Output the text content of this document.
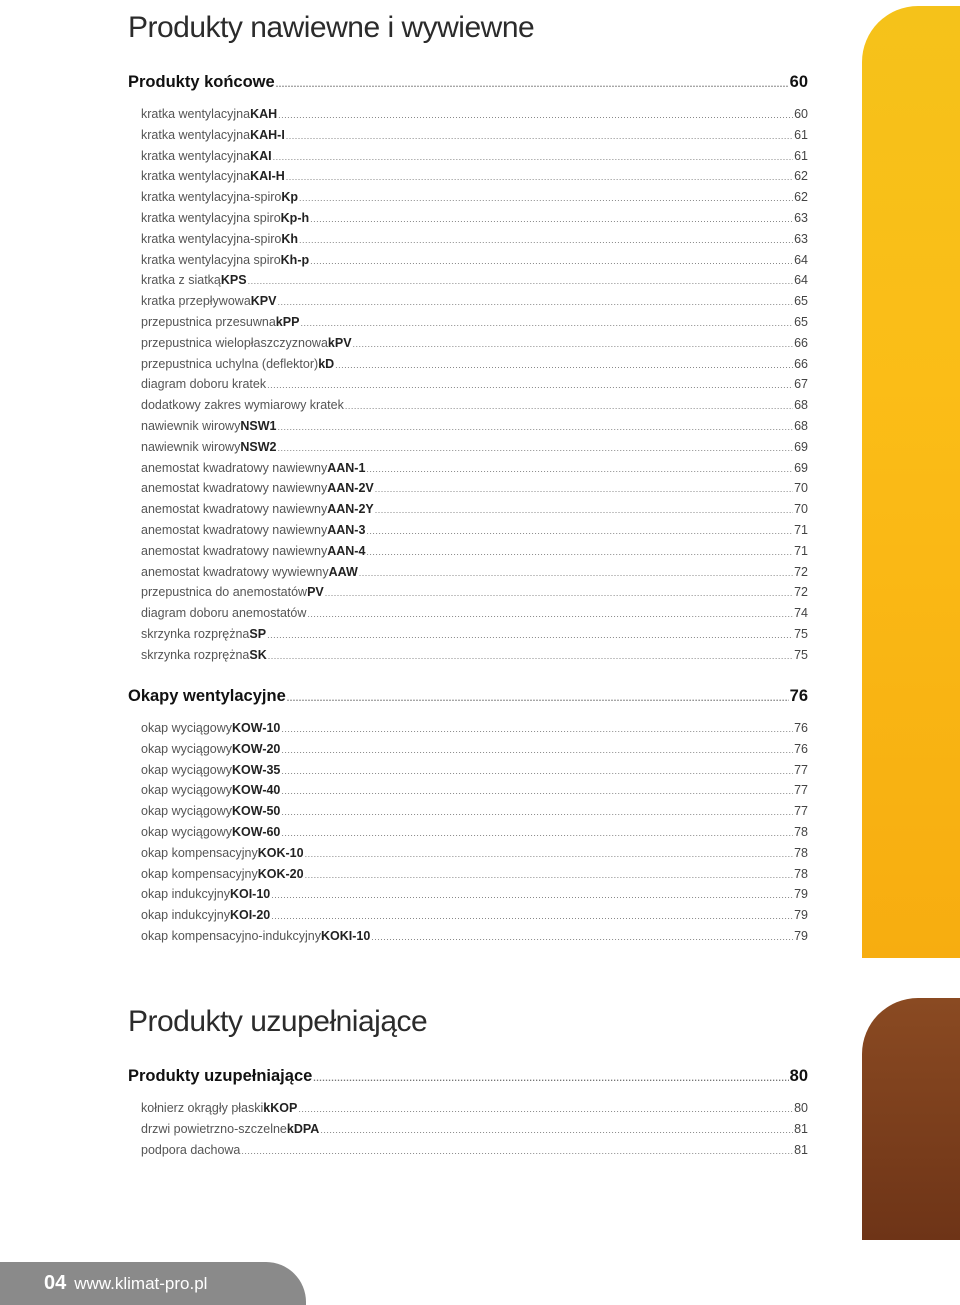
Produkty nawiewne i wywiewne
Produkty końcowe .....	60
kratka wentylacyjna KAH .....	60
kratka wentylacyjna KAH-I .....	61
kratka wentylacyjna KAI .....	61
kratka wentylacyjna KAI-H .....	62
kratka wentylacyjna-spiro Kp .....	62
kratka wentylacyjna spiro Kp-h .....	63
kratka wentylacyjna-spiro Kh .....	63
kratka wentylacyjna spiro Kh-p .....	64
kratka z siatką KPS .....	64
kratka przepływowa KPV .....	65
przepustnica przesuwna kPP .....	65
przepustnica wielopłaszczyznowa kPV .....	66
przepustnica uchylna (deflektor) kD .....	66
diagram doboru kratek .....	67
dodatkowy zakres wymiarowy kratek .....	68
nawiewnik wirowy NSW1 .....	68
nawiewnik wirowy NSW2 .....	69
anemostat kwadratowy nawiewny AAN-1 .....	69
anemostat kwadratowy nawiewny AAN-2V .....	70
anemostat kwadratowy nawiewny AAN-2Y .....	70
anemostat kwadratowy nawiewny AAN-3 .....	71
anemostat kwadratowy nawiewny AAN-4 .....	71
anemostat kwadratowy wywiewny AAW .....	72
przepustnica do anemostatów PV .....	72
diagram doboru anemostatów .....	74
skrzynka rozprężna SP .....	75
skrzynka rozprężna SK .....	75
Okapy wentylacyjne .....	76
okap wyciągowy KOW-10 .....	76
okap wyciągowy KOW-20 .....	76
okap wyciągowy KOW-35 .....	77
okap wyciągowy KOW-40 .....	77
okap wyciągowy KOW-50 .....	77
okap wyciągowy KOW-60 .....	78
okap kompensacyjny KOK-10 .....	78
okap kompensacyjny KOK-20 .....	78
okap indukcyjny KOI-10 .....	79
okap indukcyjny KOI-20 .....	79
okap kompensacyjno-indukcyjny KOKI-10 .....	79
Produkty uzupełniające
Produkty uzupełniające .....	80
kołnierz okrągły płaski kKOP .....	80
drzwi powietrzno-szczelne kDPA .....	81
podpora dachowa .....	81
04 www.klimat-pro.pl
